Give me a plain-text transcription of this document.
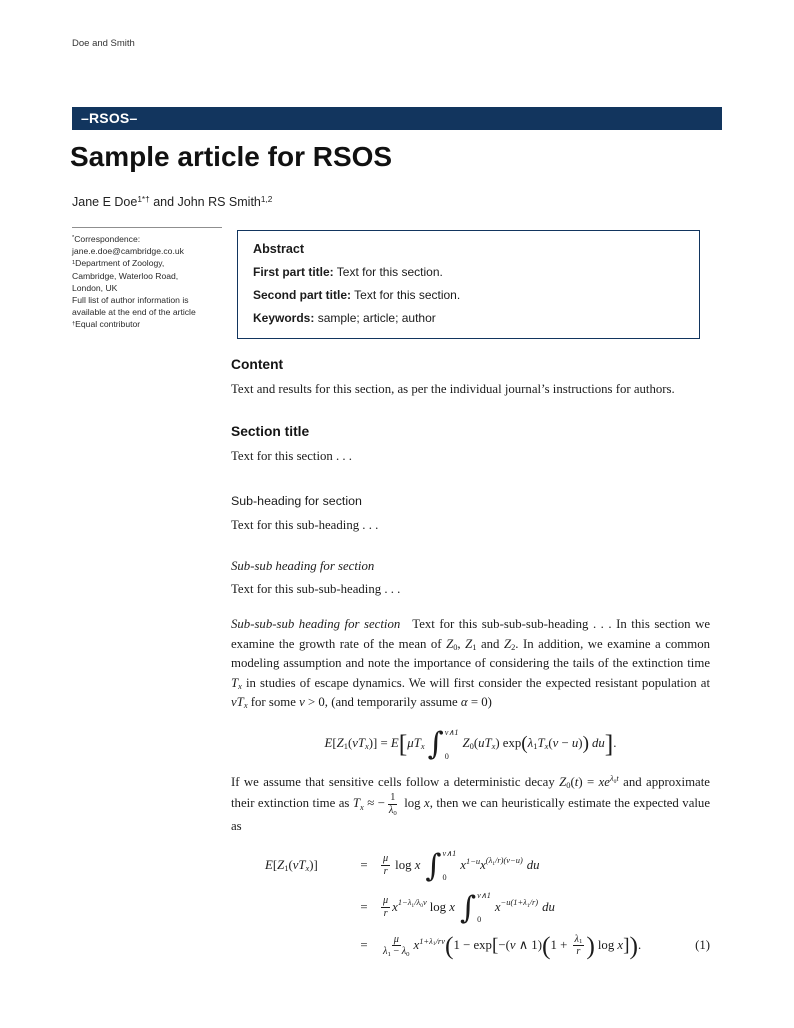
Doe and Smith
–RSOS–
Sample article for RSOS
Jane E Doe$^{1*\dagger}$ and John RS Smith$^{1,2}$
*Correspondence:
jane.e.doe@cambridge.co.uk
$^1$Department of Zoology,
Cambridge, Waterloo Road,
London, UK
Full list of author information is
available at the end of the article
†Equal contributor
Abstract
First part title: Text for this section.
Second part title: Text for this section.
Keywords: sample; article; author
Content

Text and results for this section, as per the individual journal’s instructions for authors.

Section title

Text for this section . . .

Sub-heading for section

Text for this sub-heading . . .

Sub-sub heading for section

Text for this sub-sub-heading . . .

Sub-sub-sub heading for section Text for this sub-sub-sub-heading . . . In this section we examine the growth rate of the mean of Z0, Z1 and Z2. In addition, we examine a common modeling assumption and note the importance of considering the tails of the extinction time Tx in studies of escape dynamics. We will first consider the expected resistant population at vTx for some v > 0, (and temporarily assume α = 0)

E [ Z 1 ( vT x )] = E [ μT x ∫ v∧1
0
Z 0 ( uT x ) exp ( λ 1 T x ( v − u ) ) du ] .

If we assume that sensitive cells follow a deterministic decay $Z0(t) = xe^{\lambda 0t}$ and approximate their extinction time as Tx ≈ − $\frac{1}{\lambda 0}$ log x, then we can heuristically estimate the expected value as

E [ Z 1 ( vT x )]	=	μ
r log x ∫ v∧1
0
x 1−u x (λ1/r)(v−u) du
=	μ
r x 1−λ1/λ0v log x ∫ v∧1
0
x −u(1+λ1/r) du
=	μ
λ1 − λ0
x 1+λ1/rv ( 1 − exp [ −( v ∧ 1) ( $1 + \frac{\lambda 1}{r}$ ) log x ] ) .	(1)
